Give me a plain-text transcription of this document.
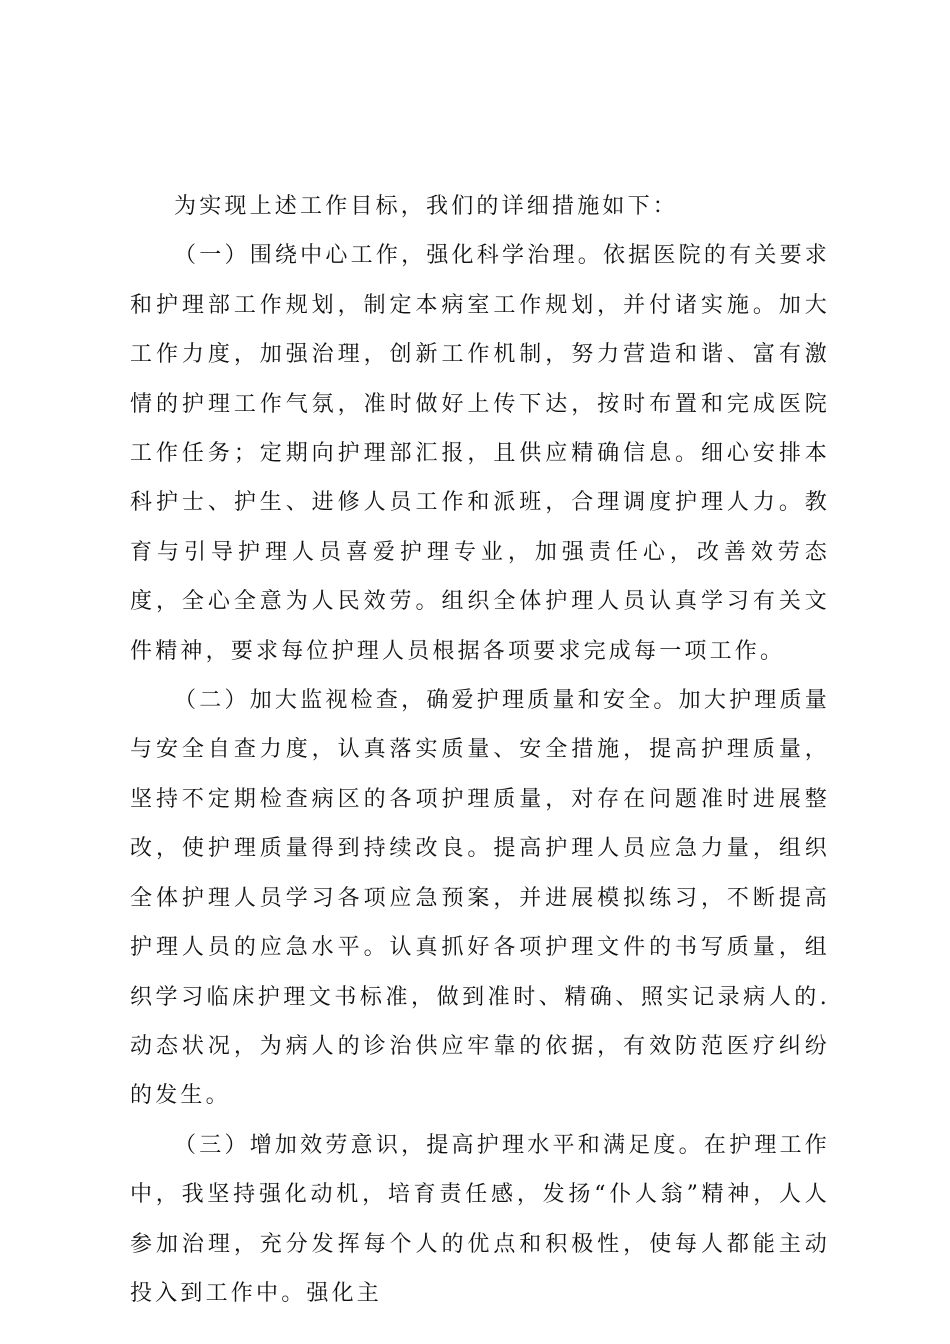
为实现上述工作目标，我们的详细措施如下：

（一）围绕中心工作，强化科学治理。依据医院的有关要求和护理部工作规划，制定本病室工作规划，并付诸实施。加大工作力度，加强治理，创新工作机制，努力营造和谐、富有激情的护理工作气氛，准时做好上传下达，按时布置和完成医院工作任务；定期向护理部汇报，且供应精确信息。细心安排本科护士、护生、进修人员工作和派班，合理调度护理人力。教育与引导护理人员喜爱护理专业，加强责任心，改善效劳态度，全心全意为人民效劳。组织全体护理人员认真学习有关文件精神，要求每位护理人员根据各项要求完成每一项工作。

（二）加大监视检查，确爱护理质量和安全。加大护理质量与安全自查力度，认真落实质量、安全措施，提高护理质量，坚持不定期检查病区的各项护理质量，对存在问题准时进展整改，使护理质量得到持续改良。提高护理人员应急力量，组织全体护理人员学习各项应急预案，并进展模拟练习，不断提高护理人员的应急水平。认真抓好各项护理文件的书写质量，组织学习临床护理文书标准，做到准时、精确、照实记录病人的.动态状况，为病人的诊治供应牢靠的依据，有效防范医疗纠纷的发生。

（三）增加效劳意识，提高护理水平和满足度。在护理工作中，我坚持强化动机，培育责任感，发扬“仆人翁”精神，人人参加治理，充分发挥每个人的优点和积极性，使每人都能主动投入到工作中。强化主
